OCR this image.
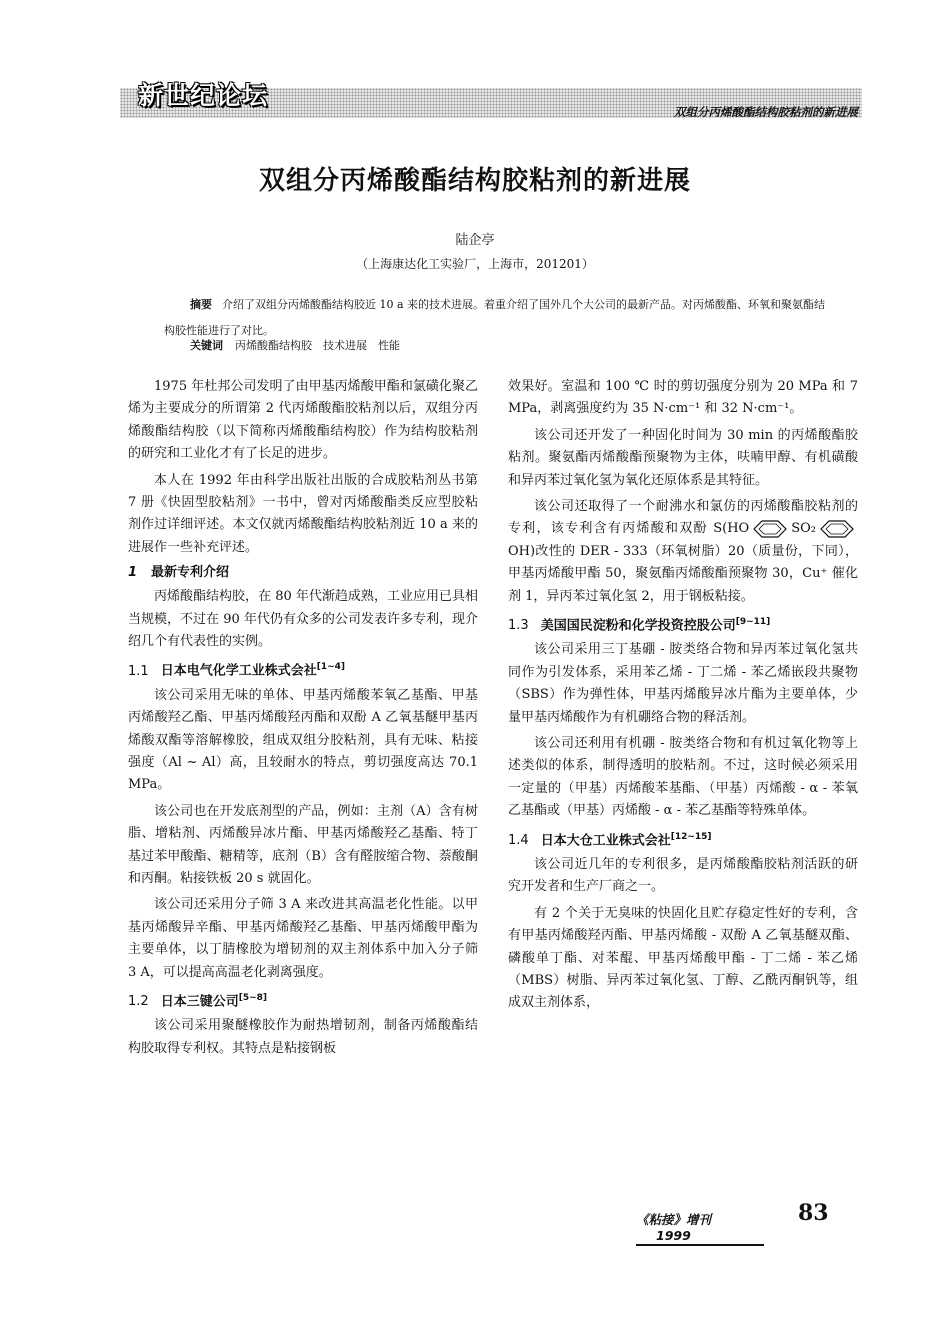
新世纪论坛
双组分丙烯酸酯结构胶粘剂的新进展
双组分丙烯酸酯结构胶粘剂的新进展
陆企亭
（上海康达化工实验厂，上海市，201201）
摘要 介绍了双组分丙烯酸酯结构胶近 10 a 来的技术进展。着重介绍了国外几个大公司的最新产品。对丙烯酸酯、环氧和聚氨酯结构胶性能进行了对比。
关键词 丙烯酸酯结构胶　技术进展　性能

1975 年杜邦公司发明了由甲基丙烯酸甲酯和氯磺化聚乙烯为主要成分的所谓第 2 代丙烯酸酯胶粘剂以后，双组分丙烯酸酯结构胶（以下简称丙烯酸酯结构胶）作为结构胶粘剂的研究和工业化才有了长足的进步。

本人在 1992 年由科学出版社出版的合成胶粘剂丛书第 7 册《快固型胶粘剂》一书中，曾对丙烯酸酯类反应型胶粘剂作过详细评述。本文仅就丙烯酸酯结构胶粘剂近 10 a 来的进展作一些补充评述。

1 最新专利介绍

丙烯酸酯结构胶，在 80 年代渐趋成熟，工业应用已具相当规模，不过在 90 年代仍有众多的公司发表许多专利，现介绍几个有代表性的实例。

1.1 日本电气化学工业株式会社[1~4]

该公司采用无味的单体、甲基丙烯酸苯氧乙基酯、甲基丙烯酸羟乙酯、甲基丙烯酸羟丙酯和双酚 A 乙氧基醚甲基丙烯酸双酯等溶解橡胶，组成双组分胶粘剂，具有无味、粘接强度（Al ~ Al）高，且较耐水的特点，剪切强度高达 70.1 MPa。

该公司也在开发底剂型的产品，例如：主剂（A）含有树脂、增粘剂、丙烯酸异冰片酯、甲基丙烯酸羟乙基酯、特丁基过苯甲酸酯、糖精等，底剂（B）含有醛胺缩合物、萘酸酮和丙酮。粘接铁板 20 s 就固化。

该公司还采用分子筛 3 A 来改进其高温老化性能。以甲基丙烯酸异辛酯、甲基丙烯酸羟乙基酯、甲基丙烯酸甲酯为主要单体，以丁腈橡胶为增韧剂的双主剂体系中加入分子筛 3 A，可以提高高温老化剥离强度。

1.2 日本三键公司[5~8]

该公司采用聚醚橡胶作为耐热增韧剂，制备丙烯酸酯结构胶取得专利权。其特点是粘接钢板

效果好。室温和 100 ℃ 时的剪切强度分别为 20 MPa 和 7 MPa，剥离强度约为 35 N·cm⁻¹ 和 32 N·cm⁻¹。

该公司还开发了一种固化时间为 30 min 的丙烯酸酯胶粘剂。聚氨酯丙烯酸酯预聚物为主体，呋喃甲醇、有机磺酸和异丙苯过氧化氢为氧化还原体系是其特征。

该公司还取得了一个耐沸水和氯仿的丙烯酸酯胶粘剂的专利，该专利含有丙烯酸和双酚 S(HO	SO₂OH)改性的 DER - 333（环氧树脂）20（质量份，下同），甲基丙烯酸甲酯 50，聚氨酯丙烯酸酯预聚物 30，Cu⁺ 催化剂 1，异丙苯过氧化氢 2，用于钢板粘接。

1.3 美国国民淀粉和化学投资控股公司[9~11]

该公司采用三丁基硼 - 胺类络合物和异丙苯过氧化氢共同作为引发体系，采用苯乙烯 - 丁二烯 - 苯乙烯嵌段共聚物（SBS）作为弹性体，甲基丙烯酸异冰片酯为主要单体，少量甲基丙烯酸作为有机硼络合物的释活剂。

该公司还利用有机硼 - 胺类络合物和有机过氧化物等上述类似的体系，制得透明的胶粘剂。不过，这时候必须采用一定量的（甲基）丙烯酸苯基酯、（甲基）丙烯酸 - α - 苯氧乙基酯或（甲基）丙烯酸 - α - 苯乙基酯等特殊单体。

1.4 日本大仓工业株式会社[12~15]

该公司近几年的专利很多，是丙烯酸酯胶粘剂活跃的研究开发者和生产厂商之一。

有 2 个关于无臭味的快固化且贮存稳定性好的专利，含有甲基丙烯酸羟丙酯、甲基丙烯酸 - 双酚 A 乙氧基醚双酯、磷酸单丁酯、对苯醌、甲基丙烯酸甲酯 - 丁二烯 - 苯乙烯（MBS）树脂、异丙苯过氧化氢、丁醇、乙酰丙酮钒等，组成双主剂体系，

《粘接》增刊1999
83
